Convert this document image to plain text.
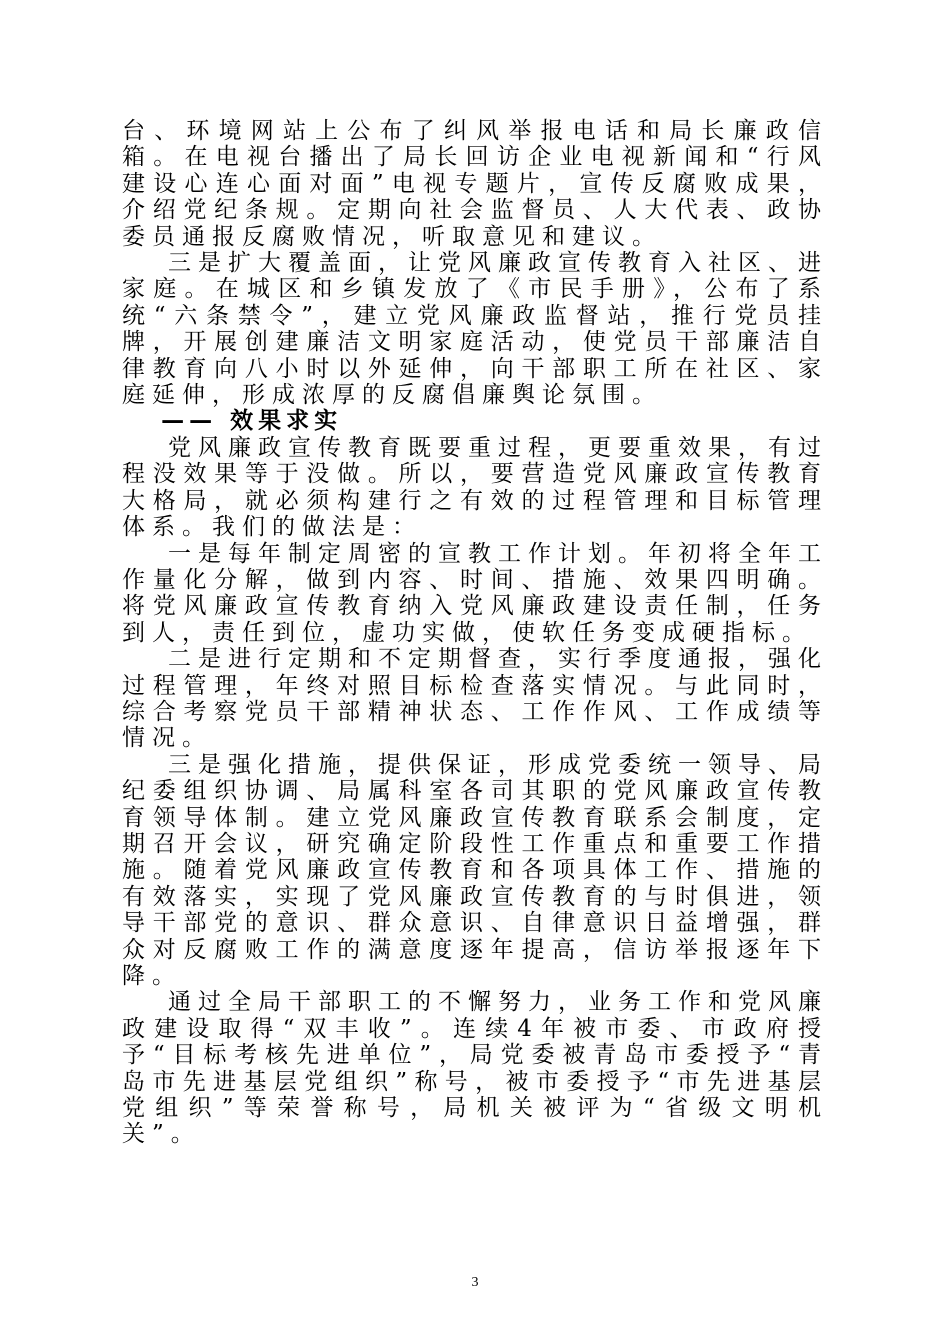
台、环境网站上公布了纠风举报电话和局长廉政信箱。在电视台播出了局长回访企业电视新闻和“行风建设心连心面对面”电视专题片，宣传反腐败成果，介绍党纪条规。定期向社会监督员、人大代表、政协委员通报反腐败情况，听取意见和建议。

三是扩大覆盖面，让党风廉政宣传教育入社区、进家庭。在城区和乡镇发放了《市民手册》，公布了系统“六条禁令”，建立党风廉政监督站，推行党员挂牌，开展创建廉洁文明家庭活动，使党员干部廉洁自律教育向八小时以外延伸，向干部职工所在社区、家庭延伸，形成浓厚的反腐倡廉舆论氛围。

—— 效果求实

党风廉政宣传教育既要重过程，更要重效果，有过程没效果等于没做。所以，要营造党风廉政宣传教育大格局，就必须构建行之有效的过程管理和目标管理体系。我们的做法是：

一是每年制定周密的宣教工作计划。年初将全年工作量化分解，做到内容、时间、措施、效果四明确。将党风廉政宣传教育纳入党风廉政建设责任制，任务到人，责任到位，虚功实做，使软任务变成硬指标。

二是进行定期和不定期督查，实行季度通报，强化过程管理，年终对照目标检查落实情况。与此同时，综合考察党员干部精神状态、工作作风、工作成绩等情况。

三是强化措施，提供保证，形成党委统一领导、局纪委组织协调、局属科室各司其职的党风廉政宣传教育领导体制。建立党风廉政宣传教育联系会制度，定期召开会议，研究确定阶段性工作重点和重要工作措施。随着党风廉政宣传教育和各项具体工作、措施的有效落实，实现了党风廉政宣传教育的与时俱进，领导干部党的意识、群众意识、自律意识日益增强，群众对反腐败工作的满意度逐年提高，信访举报逐年下降。

通过全局干部职工的不懈努力，业务工作和党风廉政建设取得“双丰收”。连续4年被市委、市政府授予“目标考核先进单位”，局党委被青岛市委授予“青岛市先进基层党组织”称号，被市委授予“市先进基层党组织”等荣誉称号，局机关被评为“省级文明机关”。

3
